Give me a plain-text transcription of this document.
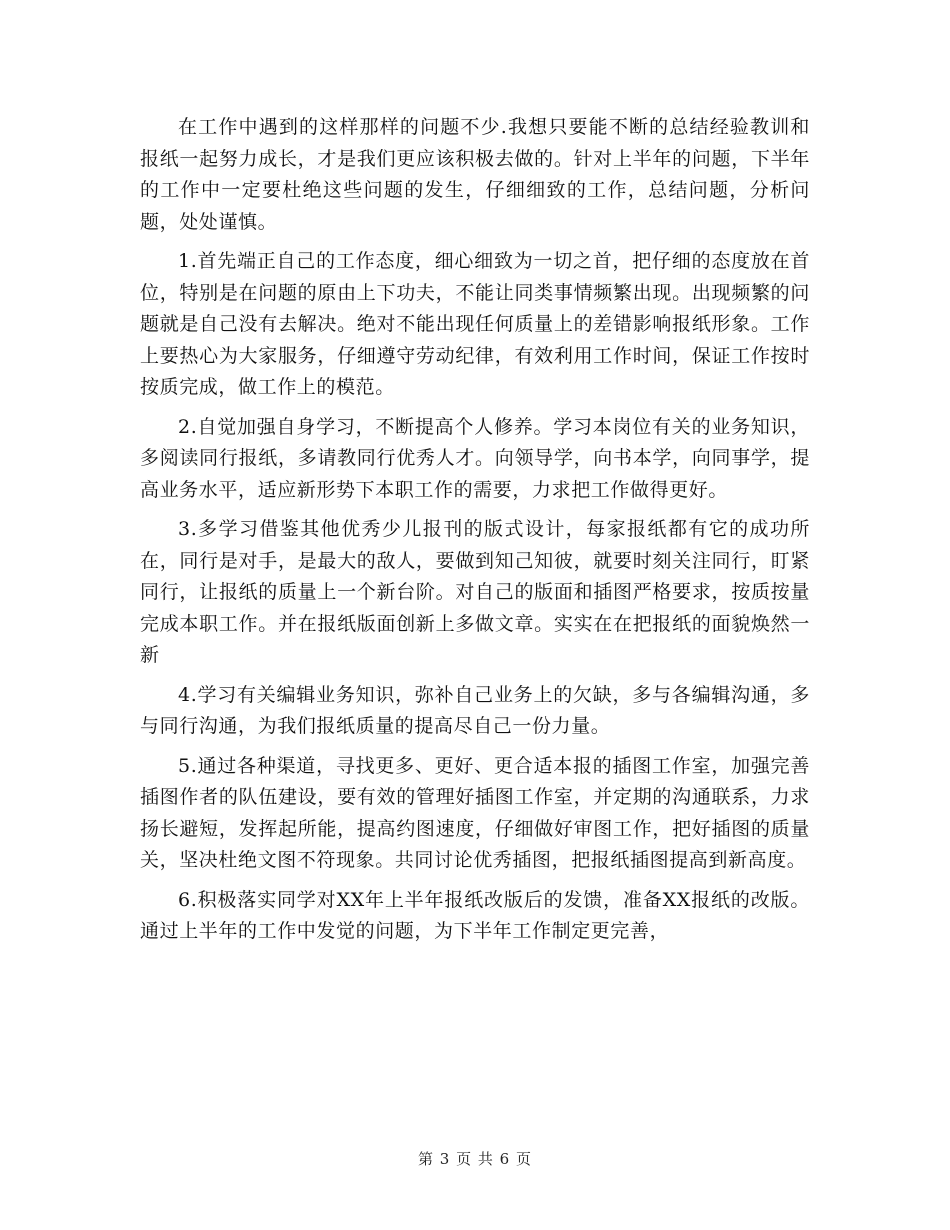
在工作中遇到的这样那样的问题不少.我想只要能不断的总结经验教训和报纸一起努力成长，才是我们更应该积极去做的。针对上半年的问题，下半年的工作中一定要杜绝这些问题的发生，仔细细致的工作，总结问题，分析问题，处处谨慎。

1.首先端正自己的工作态度，细心细致为一切之首，把仔细的态度放在首位，特别是在问题的原由上下功夫，不能让同类事情频繁出现。出现频繁的问题就是自己没有去解决。绝对不能出现任何质量上的差错影响报纸形象。工作上要热心为大家服务，仔细遵守劳动纪律，有效利用工作时间，保证工作按时按质完成，做工作上的模范。

2.自觉加强自身学习，不断提高个人修养。学习本岗位有关的业务知识，多阅读同行报纸，多请教同行优秀人才。向领导学，向书本学，向同事学，提高业务水平，适应新形势下本职工作的需要，力求把工作做得更好。

3.多学习借鉴其他优秀少儿报刊的版式设计，每家报纸都有它的成功所在，同行是对手，是最大的敌人，要做到知己知彼，就要时刻关注同行，盯紧同行，让报纸的质量上一个新台阶。对自己的版面和插图严格要求，按质按量完成本职工作。并在报纸版面创新上多做文章。实实在在把报纸的面貌焕然一新

4.学习有关编辑业务知识，弥补自己业务上的欠缺，多与各编辑沟通，多与同行沟通，为我们报纸质量的提高尽自己一份力量。

5.通过各种渠道，寻找更多、更好、更合适本报的插图工作室，加强完善插图作者的队伍建设，要有效的管理好插图工作室，并定期的沟通联系，力求扬长避短，发挥起所能，提高约图速度，仔细做好审图工作，把好插图的质量关，坚决杜绝文图不符现象。共同讨论优秀插图，把报纸插图提高到新高度。

6.积极落实同学对XX年上半年报纸改版后的发馈，准备XX报纸的改版。通过上半年的工作中发觉的问题，为下半年工作制定更完善，

第 3 页 共 6 页
